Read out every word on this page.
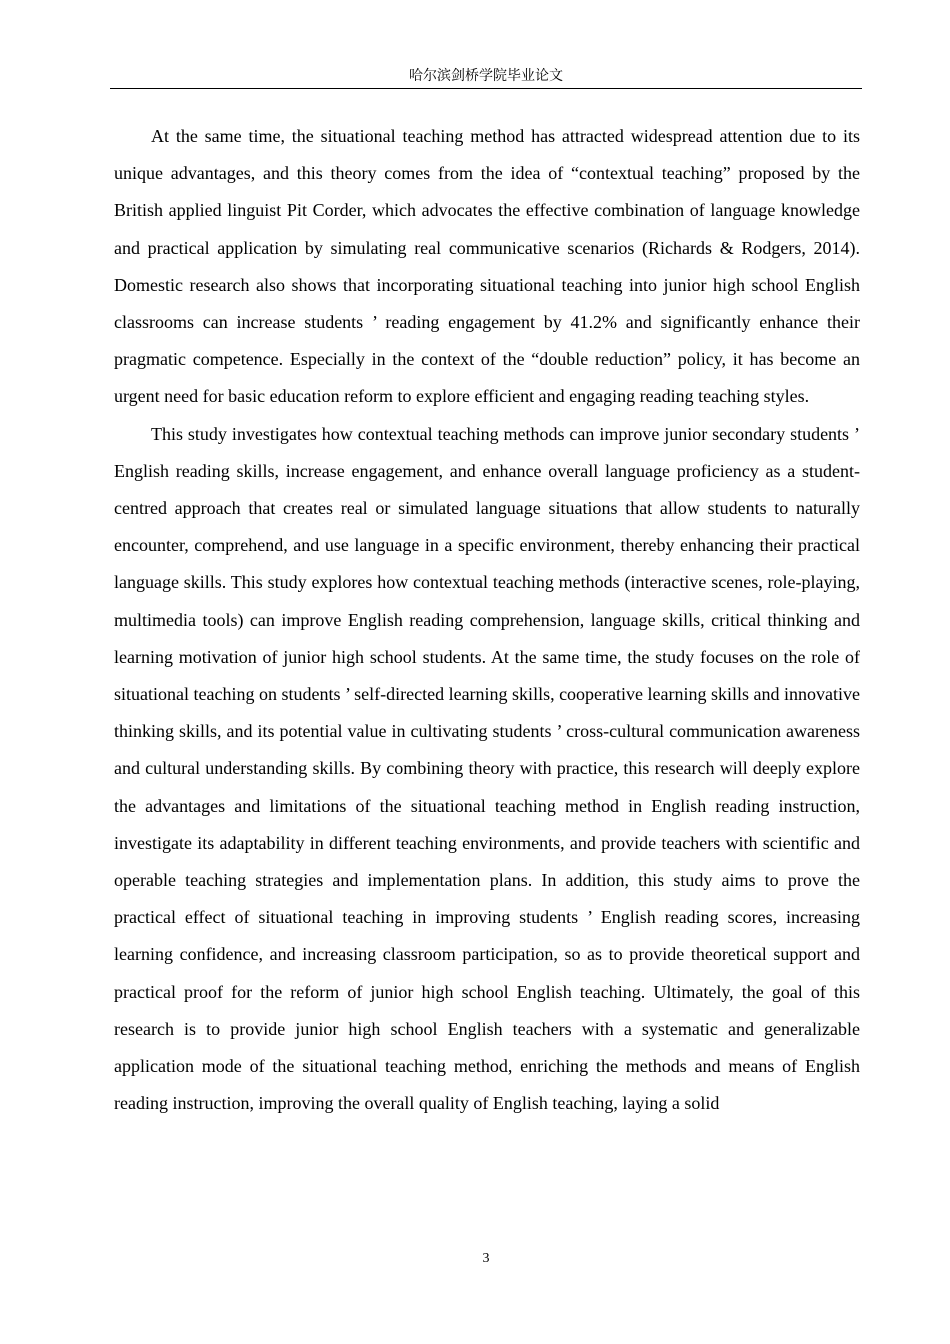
哈尔滨剑桥学院毕业论文

At the same time, the situational teaching method has attracted widespread attention due to its unique advantages, and this theory comes from the idea of “contextual teaching” proposed by the British applied linguist Pit Corder, which advocates the effective combination of language knowledge and practical application by simulating real communicative scenarios (Richards & Rodgers, 2014). Domestic research also shows that incorporating situational teaching into junior high school English classrooms can increase students ’ reading engagement by 41.2% and significantly enhance their pragmatic competence. Especially in the context of the “double reduction” policy, it has become an urgent need for basic education reform to explore efficient and engaging reading teaching styles.

This study investigates how contextual teaching methods can improve junior secondary students ’ English reading skills, increase engagement, and enhance overall language proficiency as a student-centred approach that creates real or simulated language situations that allow students to naturally encounter, comprehend, and use language in a specific environment, thereby enhancing their practical language skills. This study explores how contextual teaching methods (interactive scenes, role-playing, multimedia tools) can improve English reading comprehension, language skills, critical thinking and learning motivation of junior high school students. At the same time, the study focuses on the role of situational teaching on students ’ self-directed learning skills, cooperative learning skills and innovative thinking skills, and its potential value in cultivating students ’ cross-cultural communication awareness and cultural understanding skills. By combining theory with practice, this research will deeply explore the advantages and limitations of the situational teaching method in English reading instruction, investigate its adaptability in different teaching environments, and provide teachers with scientific and operable teaching strategies and implementation plans. In addition, this study aims to prove the practical effect of situational teaching in improving students ’ English reading scores, increasing learning confidence, and increasing classroom participation, so as to provide theoretical support and practical proof for the reform of junior high school English teaching. Ultimately, the goal of this research is to provide junior high school English teachers with a systematic and generalizable application mode of the situational teaching method, enriching the methods and means of English reading instruction, improving the overall quality of English teaching, laying a solid

3
